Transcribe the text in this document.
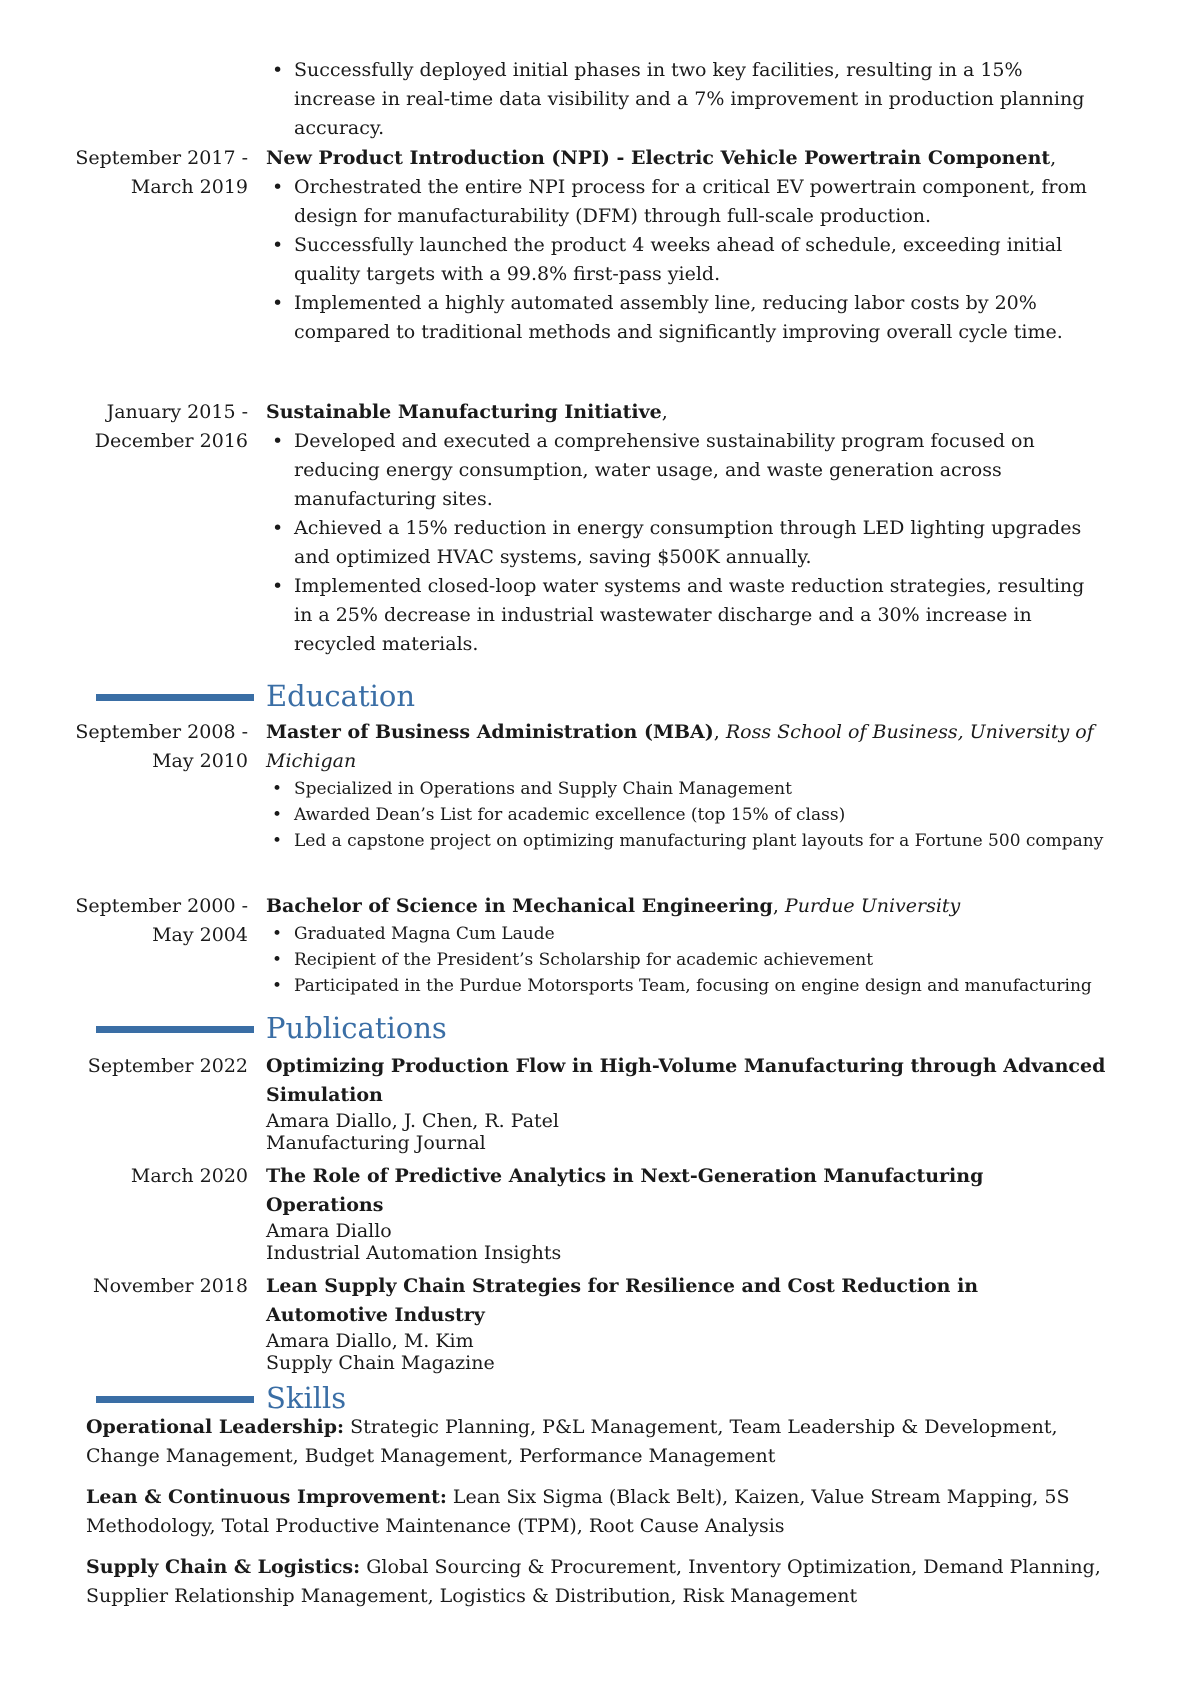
• Successfully deployed initial phases in two key facilities, resulting in a 15% increase in real-time data visibility and a 7% improvement in production planning accuracy.
September 2017 - March 2019
New Product Introduction (NPI) - Electric Vehicle Powertrain Component,
• Orchestrated the entire NPI process for a critical EV powertrain component, from design for manufacturability (DFM) through full-scale production.
• Successfully launched the product 4 weeks ahead of schedule, exceeding initial quality targets with a 99.8% first-pass yield.
• Implemented a highly automated assembly line, reducing labor costs by 20% compared to traditional methods and significantly improving overall cycle time.
January 2015 - December 2016
Sustainable Manufacturing Initiative,
• Developed and executed a comprehensive sustainability program focused on reducing energy consumption, water usage, and waste generation across manufacturing sites.
• Achieved a 15% reduction in energy consumption through LED lighting upgrades and optimized HVAC systems, saving $500K annually.
• Implemented closed-loop water systems and waste reduction strategies, resulting in a 25% decrease in industrial wastewater discharge and a 30% increase in recycled materials.
Education
September 2008 - May 2010
Master of Business Administration (MBA), Ross School of Business, University of Michigan
• Specialized in Operations and Supply Chain Management
• Awarded Dean’s List for academic excellence (top 15% of class)
• Led a capstone project on optimizing manufacturing plant layouts for a Fortune 500 company
September 2000 - May 2004
Bachelor of Science in Mechanical Engineering, Purdue University
• Graduated Magna Cum Laude
• Recipient of the President’s Scholarship for academic achievement
• Participated in the Purdue Motorsports Team, focusing on engine design and manufacturing
Publications
September 2022 Optimizing Production Flow in High-Volume Manufacturing through Advanced Simulation
Amara Diallo, J. Chen, R. Patel
Manufacturing Journal
March 2020 The Role of Predictive Analytics in Next-Generation Manufacturing Operations
Amara Diallo
Industrial Automation Insights
November 2018 Lean Supply Chain Strategies for Resilience and Cost Reduction in Automotive Industry
Amara Diallo, M. Kim
Supply Chain Magazine
Skills
Operational Leadership: Strategic Planning, P&L Management, Team Leadership & Development, Change Management, Budget Management, Performance Management
Lean & Continuous Improvement: Lean Six Sigma (Black Belt), Kaizen, Value Stream Mapping, 5S Methodology, Total Productive Maintenance (TPM), Root Cause Analysis
Supply Chain & Logistics: Global Sourcing & Procurement, Inventory Optimization, Demand Planning, Supplier Relationship Management, Logistics & Distribution, Risk Management
